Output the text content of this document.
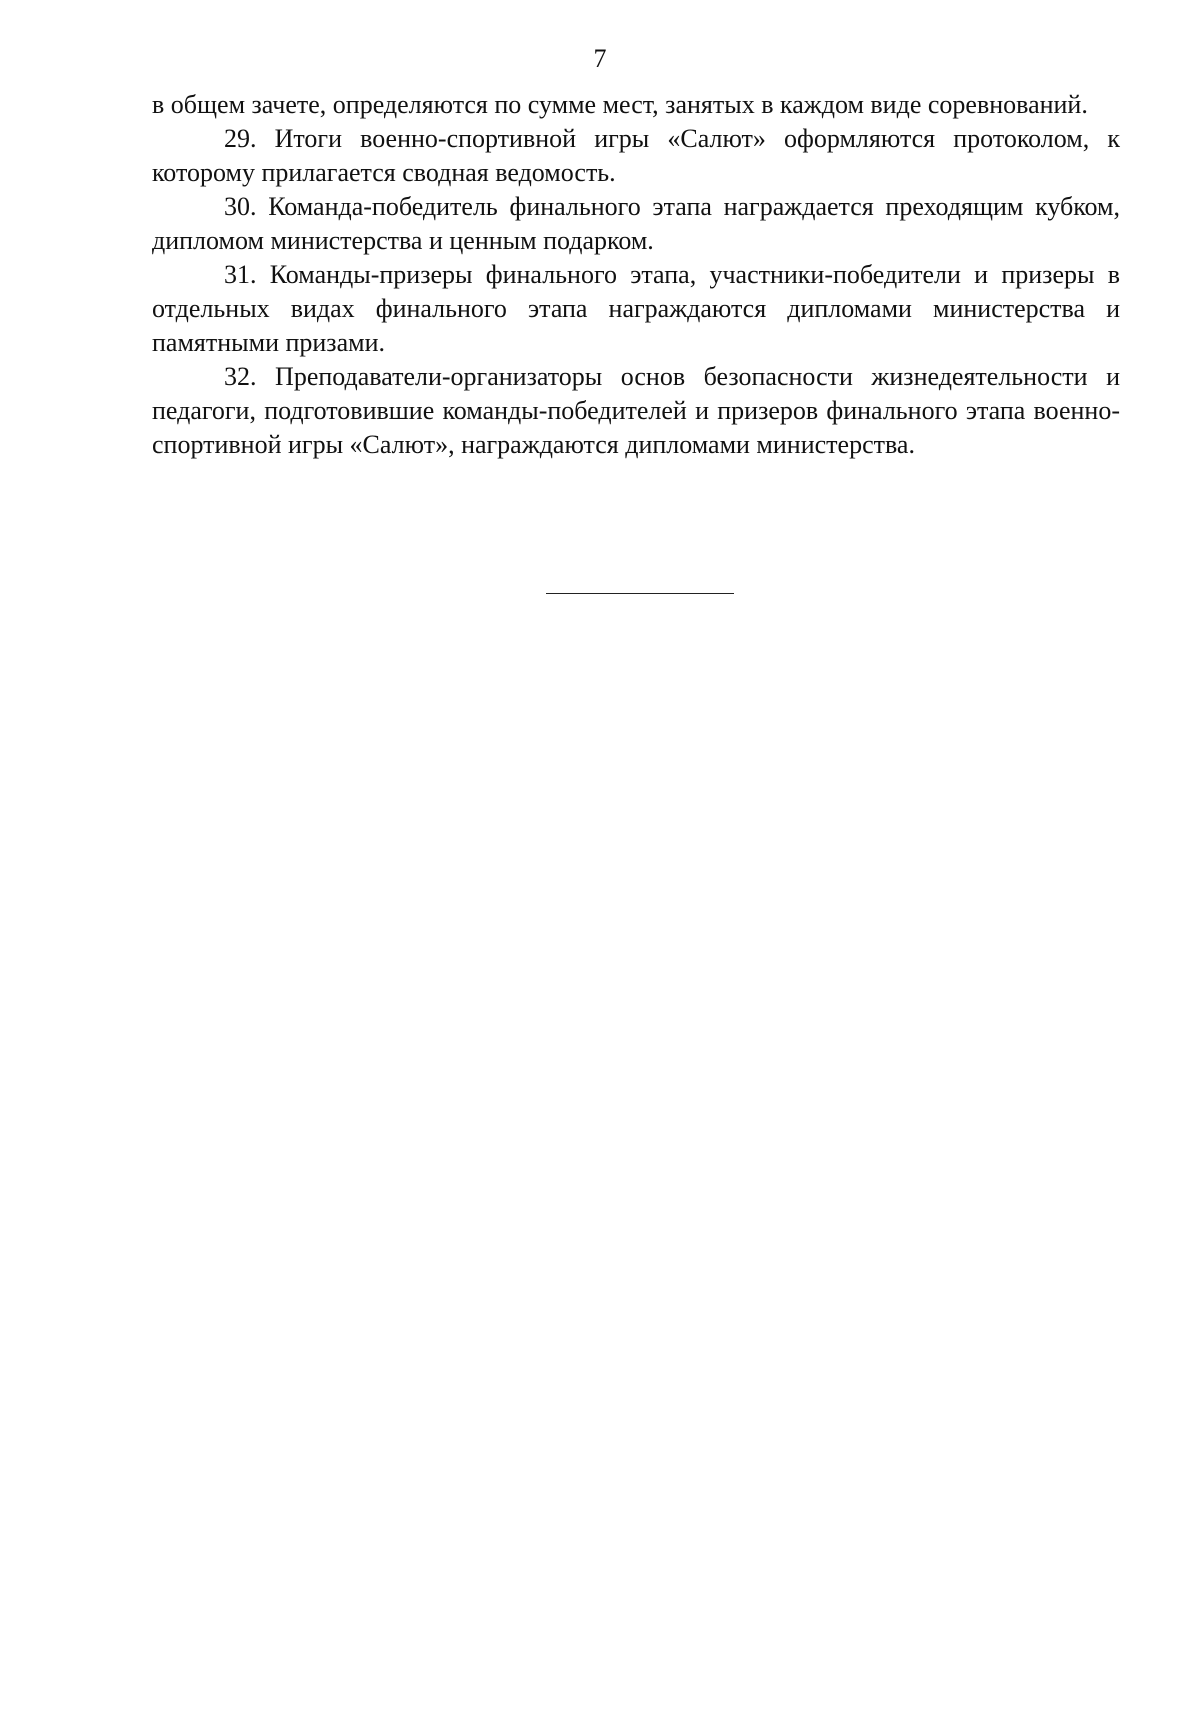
7

в общем зачете, определяются по сумме мест, занятых в каждом виде соревнований.

29. Итоги военно-спортивной игры «Салют» оформляются протоколом, к которому прилагается сводная ведомость.

30. Команда-победитель финального этапа награждается преходящим кубком, дипломом министерства и ценным подарком.

31. Команды-призеры финального этапа, участники-победители и призеры в отдельных видах финального этапа награждаются дипломами министерства и памятными призами.

32. Преподаватели-организаторы основ безопасности жизнедеятельности и педагоги, подготовившие команды-победителей и призеров финального этапа военно-спортивной игры «Салют», награждаются дипломами министерства.
